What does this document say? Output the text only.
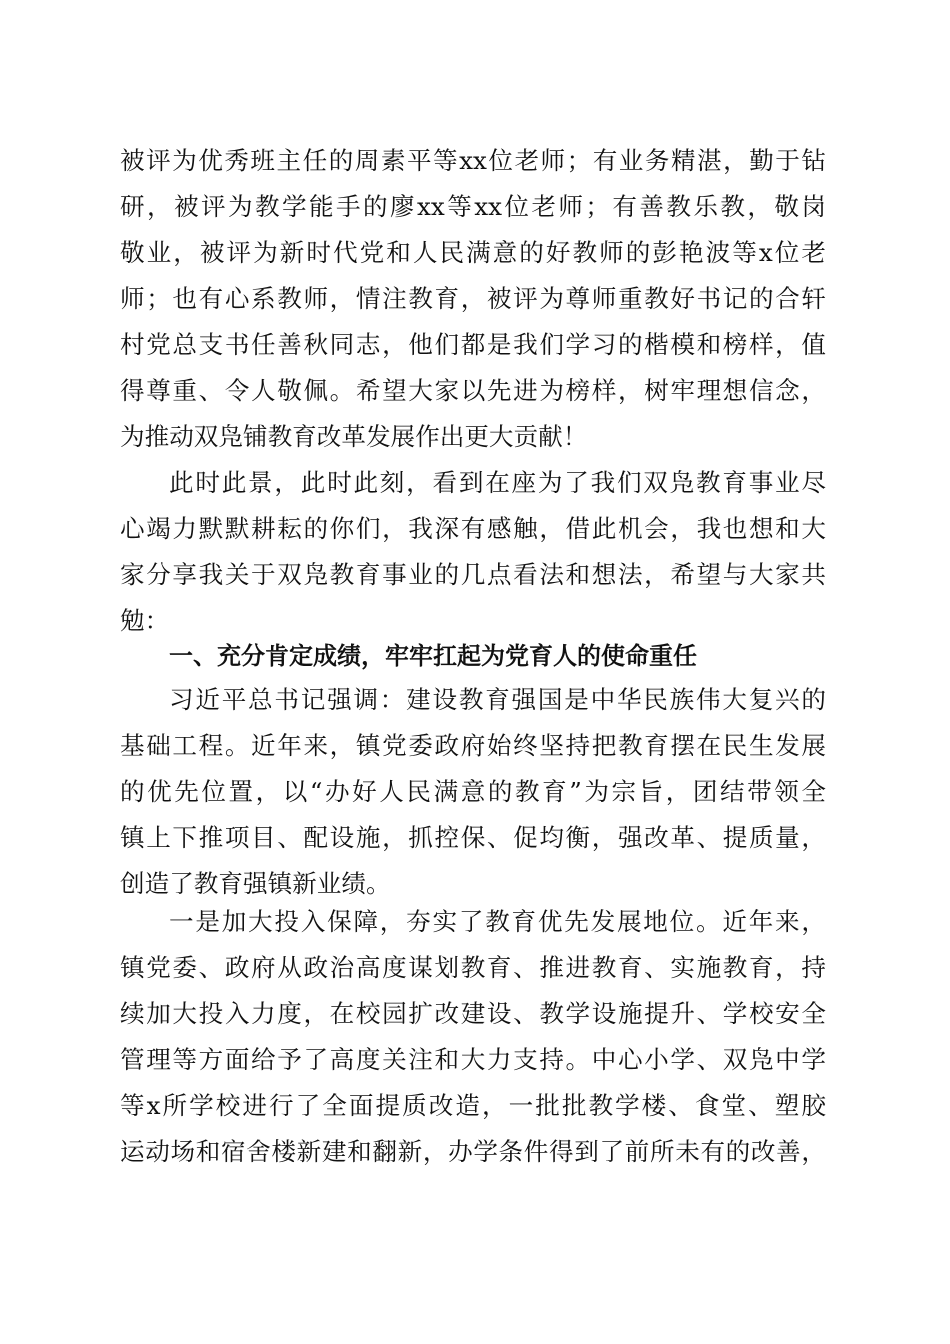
被评为优秀班主任的周素平等xx位老师；有业务精湛，勤于钻
研，被评为教学能手的廖xx等xx位老师；有善教乐教，敬岗
敬业，被评为新时代党和人民满意的好教师的彭艳波等x位老
师；也有心系教师，情注教育，被评为尊师重教好书记的合轩
村党总支书任善秋同志，他们都是我们学习的楷模和榜样，值
得尊重、令人敬佩。希望大家以先进为榜样，树牢理想信念，
为推动双凫铺教育改革发展作出更大贡献！
此时此景，此时此刻，看到在座为了我们双凫教育事业尽
心竭力默默耕耘的你们，我深有感触，借此机会，我也想和大
家分享我关于双凫教育事业的几点看法和想法，希望与大家共
勉：
一、充分肯定成绩，牢牢扛起为党育人的使命重任
习近平总书记强调：建设教育强国是中华民族伟大复兴的
基础工程。近年来，镇党委政府始终坚持把教育摆在民生发展
的优先位置，以“办好人民满意的教育”为宗旨，团结带领全
镇上下推项目、配设施，抓控保、促均衡，强改革、提质量，
创造了教育强镇新业绩。
一是加大投入保障，夯实了教育优先发展地位。近年来，
镇党委、政府从政治高度谋划教育、推进教育、实施教育，持
续加大投入力度，在校园扩改建设、教学设施提升、学校安全
管理等方面给予了高度关注和大力支持。中心小学、双凫中学
等x所学校进行了全面提质改造，一批批教学楼、食堂、塑胶
运动场和宿舍楼新建和翻新，办学条件得到了前所未有的改善，
